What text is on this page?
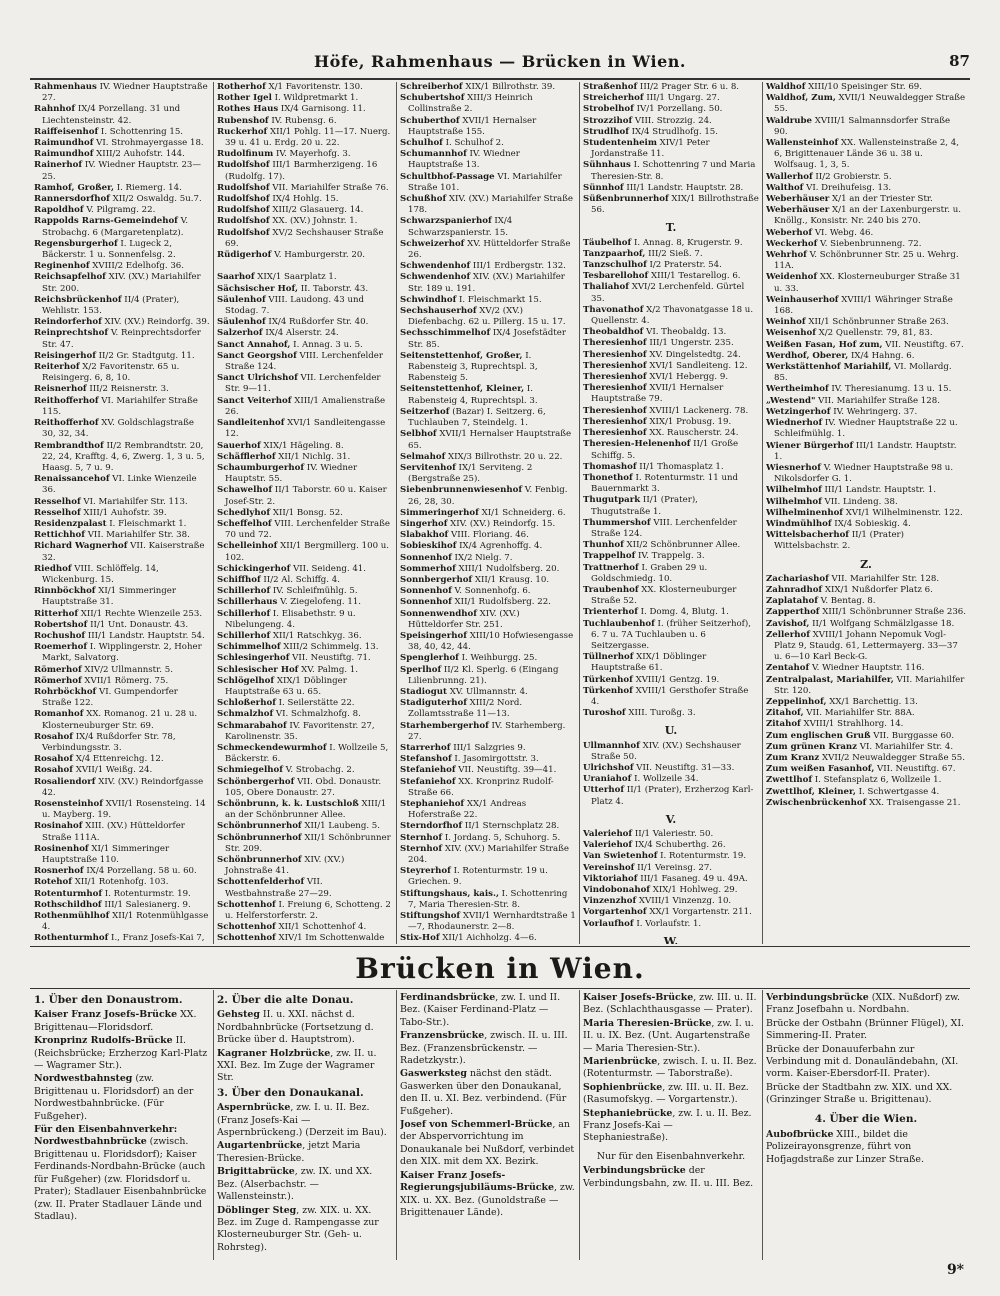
Höfe, Rahmenhaus — Brücken in Wien.	87

Rahmenhaus IV. Wiedner Hauptstraße 27.

Rahnhof IX/4 Porzellang. 31 und Liechtensteinstr. 42.

Raiffeisenhof I. Schottenring 15.

Raimundhof VI. Strohmayergasse 18.

Raimundhof XIII/2 Auhofstr. 144.

Rainerhof IV. Wiedner Hauptstr. 23—25.

Ramhof, Großer, I. Riemerg. 14.

Rannersdorfhof XII/2 Oswaldg. 5u.7.

Rapoldhof V. Pilgramg. 22.

Rappolds Rarns-Gemeindehof V. Strobachg. 6 (Margaretenplatz).

Regensburgerhof I. Lugeck 2, Bäckerstr. 1 u. Sonnenfelsg. 2.

Reginenhof XVIII/2 Edelhofg. 36.

Reichsapfelhof XIV. (XV.) Mariahilfer Str. 200.

Reichsbrückenhof II/4 (Prater), Wehlistr. 153.

Reindorferhof XIV. (XV.) Reindorfg. 39.

Reinprechtshof V. Reinprechtsdorfer Str. 47.

Reisingerhof II/2 Gr. Stadtgutg. 11.

Reiterhof X/2 Favoritenstr. 65 u. Reisingerg. 6, 8, 10.

Reisnerhof III/2 Reisnerstr. 3.

Reithofferhof VI. Mariahilfer Straße 115.

Reithofferhof XV. Goldschlagstraße 30, 32, 34.

Rembrandthof II/2 Rembrandtstr. 20, 22, 24, Krafftg. 4, 6, Zwerg. 1, 3 u. 5, Haasg. 5, 7 u. 9.

Renaissancehof VI. Linke Wienzeile 36.

Resselhof VI. Mariahilfer Str. 113.

Resselhof XIII/1 Auhofstr. 39.

Residenzpalast I. Fleischmarkt 1.

Rettichhof VII. Mariahilfer Str. 38.

Richard Wagnerhof VII. Kaiserstraße 32.

Riedhof VIII. Schlöffelg. 14, Wickenburg. 15.

Rinnböckhof XI/1 Simmeringer Hauptstraße 31.

Ritterhof XII/1 Rechte Wienzeile 253.

Robertshof II/1 Unt. Donaustr. 43.

Rochushof III/1 Landstr. Hauptstr. 54.

Roemerhof I. Wipplingerstr. 2, Hoher Markt, Salvatorg.

Römerhof XIV/2 Ullmannstr. 5.

Römerhof XVII/1 Römerg. 75.

Rohrböckhof VI. Gumpendorfer Straße 122.

Romanhof XX. Romanog. 21 u. 28 u. Klosterneuburger Str. 69.

Rosahof IX/4 Rußdorfer Str. 78, Verbindungsstr. 3.

Rosahof X/4 Ettenreichg. 12.

Rosahof XVII/1 Weißg. 24.

Rosaliendorf XIV. (XV.) Reindorfgasse 42.

Rosensteinhof XVII/1 Rosensteing. 14 u. Mayberg. 19.

Rosinahof XIII. (XV.) Hütteldorfer Straße 111A.

Rosinenhof XI/1 Simmeringer Hauptstraße 110.

Rosnerhof IX/4 Porzellang. 58 u. 60.

Rotehof XII/1 Rotenhofg. 103.

Rotenturmhof I. Rotenturmstr. 19.

Rothschildhof III/1 Salesianerg. 9.

Rothenmühlhof XII/1 Rotenmühlgasse 4.

Rothenturmhof I., Franz Josefs-Kai 7,

Rotherhof X/1 Favoritenstr. 130.

Rother Igel I. Wildpretmarkt 1.

Rothes Haus IX/4 Garnisong. 11.

Rubenshof IV. Rubensg. 6.

Ruckerhof XII/1 Pohlg. 11—17. Nuerg. 39 u. 41 u. Erdg. 20 u. 22.

Rudolfinum IV. Mayerhofg. 3.

Rudolfshof III/1 Barmherzigeng. 16 (Rudolfg. 17).

Rudolfshof VII. Mariahilfer Straße 76.

Rudolfshof IX/4 Hohlg. 15.

Rudolfshof XIII/2 Glasauerg. 14.

Rudolfshof XX. (XV.) Johnstr. 1.

Rudolfshof XV/2 Sechshauser Straße 69.

Rüdigerhof V. Hamburgerstr. 20.

Saarhof XIX/1 Saarplatz 1.

Sächsischer Hof, II. Taborstr. 43.

Säulenhof VIII. Laudong. 43 und Stodag. 7.

Säulenhof IX/4 Rußdorfer Str. 40.

Salzerhof IX/4 Alserstr. 24.

Sanct Annahof, I. Annag. 3 u. 5.

Sanct Georgshof VIII. Lerchenfelder Straße 124.

Sanct Ulrichshof VII. Lerchenfelder Str. 9—11.

Sanct Veiterhof XIII/1 Amalienstraße 26.

Sandleitenhof XVI/1 Sandleitengasse 12.

Sauerhof XIX/1 Hägeling. 8.

Schäfflerhof XII/1 Nichlg. 31.

Schaumburgerhof IV. Wiedner Hauptstr. 55.

Schawelhof II/1 Taborstr. 60 u. Kaiser Josef-Str. 2.

Schedlyhof XII/1 Bonsg. 52.

Scheffelhof VIII. Lerchenfelder Straße 70 und 72.

Schelleinhof XII/1 Bergmillerg. 100 u. 102.

Schickingerhof VII. Seideng. 41.

Schiffhof II/2 Al. Schiffg. 4.

Schillerhof IV. Schleifmühlg. 5.

Schillerhaus V. Ziegelofeng. 11.

Schillerhof I. Elisabethstr. 9 u. Nibelungeng. 4.

Schillerhof XII/1 Ratschkyg. 36.

Schimmelhof XIII/2 Schimmelg. 13.

Schlesingerhof VII. Neustiftg. 71.

Schlesischer Hof XV. Palmg. 1.

Schlögelhof XIX/1 Döblinger Hauptstraße 63 u. 65.

Schloßerhof I. Seilerstätte 22.

Schmalzhof VI. Schmalzhofg. 8.

Schmarabahof IV. Favoritenstr. 27, Karolinenstr. 35.

Schmeckendewurmhof I. Wollzeile 5, Bäckerstr. 6.

Schmiegelhof V. Strobachg. 2.

Schönbergerhof VII. Obd. Donaustr. 105, Obere Donaustr. 27.

Schönbrunn, k. k. Lustschloß XIII/1 an der Schönbrunner Allee.

Schönbrunnerhof XII/1 Laubeng. 5.

Schönbrunnerhof XII/1 Schönbrunner Str. 209.

Schönbrunnerhof XIV. (XV.) Johnstraße 41.

Schottenfelderhof VII. Westbahnstraße 27—29.

Schottenhof I. Freiung 6, Schotteng. 2 u. Helferstorferstr. 2.

Schottenhof XII/1 Schottenhof 4.

Schottenhof XIV/1 Im Schottenwalde

Schreiberhof XIX/1 Billrothstr. 39.

Schubertshof XIII/3 Heinrich Collinstraße 2.

Schuberthof XVII/1 Hernalser Hauptstraße 155.

Schulhof I. Schulhof 2.

Schumannhof IV. Wiedner Hauptstraße 13.

Schultbhof-Passage VI. Mariahilfer Straße 101.

Schußhof XIV. (XV.) Mariahilfer Straße 178.

Schwarzspanierhof IX/4 Schwarzspanierstr. 15.

Schweizerhof XV. Hütteldorfer Straße 26.

Schwendenhof III/1 Erdbergstr. 132.

Schwendenhof XIV. (XV.) Mariahilfer Str. 189 u. 191.

Schwindhof I. Fleischmarkt 15.

Sechshauserhof XV/2 (XV.) Diefenbachg. 62 u. Pillerg. 15 u. 17.

Sechsschimmelhof IX/4 Josefstädter Str. 85.

Seitenstettenhof, Großer, I. Rabensteig 3, Ruprechtspl. 3, Rabensteig 5.

Seitenstettenhof, Kleiner, I. Rabensteig 4, Ruprechtspl. 3.

Seitzerhof (Bazar) I. Seitzerg. 6, Tuchlauben 7, Steindelg. 1.

Selbhof XVII/1 Hernalser Hauptstraße 65.

Selmahof XIX/3 Billrothstr. 20 u. 22.

Servitenhof IX/1 Serviteng. 2 (Bergstraße 25).

Siebenbrunnenwiesenhof V. Fenbig. 26, 28, 30.

Simmeringerhof XI/1 Schneiderg. 6.

Singerhof XIV. (XV.) Reindorfg. 15.

Slabakhof VIII. Floriang. 46.

Sobieskihof IX/4 Agrenhoffg. 4.

Sonnenhof IX/2 Nielg. 7.

Sommerhof XIII/1 Nudolfsberg. 20.

Sonnbergerhof XII/1 Krausg. 10.

Sonnenhof V. Sonnenhofg. 6.

Sonnenhof XII/1 Rudolfsberg. 22.

Sonnenwendhof XIV. (XV.) Hütteldorfer Str. 251.

Speisingerhof XIII/10 Hofwiesengasse 38, 40, 42, 44.

Spenglerhof I. Weihburgg. 25.

Sperlhof II/2 Kl. Sperlg. 6 (Eingang Lilienbrunng. 21).

Stadiogut XV. Ullmannstr. 4.

Stadiguterhof XIII/2 Nord. Zollamtsstraße 11—13.

Starhembergerhof IV. Starhemberg. 27.

Starrerhof III/1 Salzgries 9.

Stefanshof I. Jasomirgottstr. 3.

Stefaniehof VII. Neustiftg. 39—41.

Stefaniehof XX. Kronprinz Rudolf-Straße 66.

Stephaniehof XX/1 Andreas Hoferstraße 22.

Sterndorfhof II/1 Sternschplatz 28.

Sternhof I. Jordang. 5, Schuhorg. 5.

Sternhof XIV. (XV.) Mariahilfer Straße 204.

Steyrerhof I. Rotenturmstr. 19 u. Griechen. 9.

Stiftungshaus, kais., I. Schottenring 7, Maria Theresien-Str. 8.

Stiftungshof XVII/1 Wernhardtstraße 1—7, Rhodaunerstr. 2—8.

Stix-Hof XII/1 Aichholzg. 4—6.

Straßenhof III/2 Prager Str. 6 u. 8.

Streicherhof III/1 Ungarg. 27.

Strobelhof IV/1 Porzellang. 50.

Strozzihof VIII. Strozzig. 24.

Strudlhof IX/4 Strudlhofg. 15.

Studentenheim XIV/1 Peter Jordanstraße 11.

Sühnhaus I. Schottenring 7 und Maria Theresien-Str. 8.

Sünnhof III/1 Landstr. Hauptstr. 28.

Süßenbrunnerhof XIX/1 Billrothstraße 56.

T.

Täubelhof I. Annag. 8, Krugerstr. 9.

Tanzpaarhof, III/2 Sieß. 7.

Tanzschulhof I/2 Praterstr. 54.

Tesbarellohof XIII/1 Testarellog. 6.

Thaliahof XVI/2 Lerchenfeld. Gürtel 35.

Thavonathof X/2 Thavonatgasse 18 u. Quellenstr. 4.

Theobaldhof VI. Theobaldg. 13.

Theresienhof III/1 Ungerstr. 235.

Theresienhof XV. Dingelstedtg. 24.

Theresienhof XVI/1 Sandleiteng. 12.

Theresienhof XVI/1 Hebergg. 9.

Theresienhof XVII/1 Hernalser Hauptstraße 79.

Theresienhof XVIII/1 Lackenerg. 78.

Theresienhof XIX/1 Probusg. 19.

Theresienhof XX. Rauscherstr. 24.

Theresien-Helenenhof II/1 Große Schiffg. 5.

Thomashof II/1 Thomasplatz 1.

Thonethof I. Rotenturmstr. 11 und Bauernmarkt 3.

Thugutpark II/1 (Prater), Thugutstraße 1.

Thummershof VIII. Lerchenfelder Straße 124.

Thunhof XII/2 Schönbrunner Allee.

Trappelhof IV. Trappelg. 3.

Trattnerhof I. Graben 29 u. Goldschmiedg. 10.

Traubenhof XX. Klosterneuburger Straße 52.

Trienterhof I. Domg. 4, Blutg. 1.

Tuchlaubenhof I. (früher Seitzerhof), 6. 7 u. 7A Tuchlauben u. 6 Seitzergasse.

Tüllnerhof XIX/1 Döblinger Hauptstraße 61.

Türkenhof XVIII/1 Gentzg. 19.

Türkenhof XVIII/1 Gersthofer Straße 4.

Turoshof XIII. Turoßg. 3.

U.

Ullmannhof XIV. (XV.) Sechshauser Straße 50.

Ulrichshof VII. Neustiftg. 31—33.

Uraniahof I. Wollzeile 34.

Utterhof II/1 (Prater), Erzherzog Karl-Platz 4.

V.

Valeriehof II/1 Valeriestr. 50.

Valeriehof IX/4 Schuberthg. 26.

Van Swietenhof I. Rotenturmstr. 19.

Vereinshof II/1 Vereinsg. 27.

Viktoriahof III/1 Fasaneg. 49 u. 49A.

Vindobonahof XIX/1 Hohlweg. 29.

Vinzenzhof XVIII/1 Vinzenzg. 10.

Vorgartenhof XX/1 Vorgartenstr. 211.

Vorlaufhof I. Vorlaufstr. 1.

W.

Waldhof XIII/10 Speisinger Str. 69.

Waldhof, Zum, XVII/1 Neuwaldegger Straße 55.

Waldrube XVIII/1 Salmannsdorfer Straße 90.

Wallensteinhof XX. Wallensteinstraße 2, 4, 6, Brigittenauer Lände 36 u. 38 u. Wolfsaug. 1, 3, 5.

Wallerhof II/2 Grobierstr. 5.

Walthof VI. Dreihufeisg. 13.

Weberhäuser X/1 an der Triester Str.

Weberhäuser X/1 an der Laxenburgerstr. u. Knöllg., Konsistr. Nr. 240 bis 270.

Weberhof VI. Webg. 46.

Weckerhof V. Siebenbrunneng. 72.

Wehrhof V. Schönbrunner Str. 25 u. Wehrg. 11A.

Weidenhof XX. Klosterneuburger Straße 31 u. 33.

Weinhauserhof XVIII/1 Währinger Straße 168.

Weinhof XII/1 Schönbrunner Straße 263.

Weisenhof X/2 Quellenstr. 79, 81, 83.

Weißen Fasan, Hof zum, VII. Neustiftg. 67.

Werdhof, Oberer, IX/4 Hahng. 6.

Werkstättenhof Mariahilf, VI. Mollardg. 85.

Wertheimhof IV. Theresianumg. 13 u. 15.

„Westend" VII. Mariahilfer Straße 128.

Wetzingerhof IV. Wehringerg. 37.

Wiednerhof IV. Wiedner Hauptstraße 22 u. Schleifmühlg. 1.

Wiener Bürgerhof III/1 Landstr. Hauptstr. 1.

Wiesnerhof V. Wiedner Hauptstraße 98 u. Nikolsdorfer G. 1.

Wilhelmhof III/1 Landstr. Hauptstr. 1.

Wilhelmhof VII. Lindeng. 38.

Wilhelminenhof XVI/1 Wilhelminenstr. 122.

Windmühlhof IX/4 Sobieskig. 4.

Wittelsbacherhof II/1 (Prater) Wittelsbachstr. 2.

Z.

Zachariashof VII. Mariahilfer Str. 128.

Zahnradhof XIX/1 Nußdorfer Platz 6.

Zaplatahof V. Bentag. 8.

Zapperthof XIII/1 Schönbrunner Straße 236.

Zavishof, II/1 Wolfgang Schmälzlgasse 18.

Zellerhof XVIII/1 Johann Nepomuk Vogl-Platz 9, Staudg. 61, Lettermayerg. 33—37 u. 6—10 Karl Beck-G.

Zentahof V. Wiedner Hauptstr. 116.

Zentralpalast, Mariahilfer, VII. Mariahilfer Str. 120.

Zeppelinhof, XX/1 Barchettig. 13.

Zitahof, VII. Mariahilfer Str. 88A.

Zitahof XVIII/1 Strahlhorg. 14.

Zum englischen Gruß VII. Burggasse 60.

Zum grünen Kranz VI. Mariahilfer Str. 4.

Zum Kranz XVII/2 Neuwaldegger Straße 55.

Zum weißen Fasanhof, VII. Neustiftg. 67.

Zwettlhof I. Stefansplatz 6, Wollzeile 1.

Zwettlhof, Kleiner, I. Schwertgasse 4.

Zwischenbrückenhof XX. Traisengasse 21.

Brücken in Wien.
1. Über den Donaustrom.
Kaiser Franz Josefs-Brücke XX. Brigittenau—Floridsdorf.
Kronprinz Rudolfs-Brücke II. (Reichsbrücke; Erzherzog Karl-Platz — Wagramer Str.).
Nordwestbahnsteg (zw. Brigittenau u. Floridsdorf) an der Nordwestbahnbrücke. (Für Fußgeher).
Für den Eisenbahnverkehr: Nordwestbahnbrücke (zwisch. Brigittenau u. Floridsdorf); Kaiser Ferdinands-Nordbahn-Brücke (auch für Fußgeher) (zw. Floridsdorf u. Prater); Stadlauer Eisenbahnbrücke (zw. II. Prater Stadlauer Lände und Stadlau).
2. Über die alte Donau.
Gehsteg II. u. XXI. nächst d. Nordbahnbrücke (Fortsetzung d. Brücke über d. Hauptstrom).
Kagraner Holzbrücke, zw. II. u. XXI. Bez. Im Zuge der Wagramer Str.
3. Über den Donaukanal.
Aspernbrücke, zw. I. u. II. Bez. (Franz Josefs-Kai — Aspernbrückeng.) (Derzeit im Bau).
Augartenbrücke, jetzt Maria Theresien-Brücke.
Brigittabrücke, zw. IX. und XX. Bez. (Alserbachstr. — Wallensteinstr.).
Döblinger Steg, zw. XIX. u. XX. Bez. im Zuge d. Rampengasse zur Klosterneuburger Str. (Geh- u. Rohrsteg).
Ferdinandsbrücke, zw. I. und II. Bez. (Kaiser Ferdinand-Platz — Tabo-Str.).
Franzensbrücke, zwisch. II. u. III. Bez. (Franzensbrückenstr. — Radetzkystr.).
Gaswerksteg nächst den städt. Gaswerken über den Donaukanal, den II. u. XI. Bez. verbindend. (Für Fußgeher).
Josef von Schemmerl-Brücke, an der Abspervorrichtung im Donaukanale bei Nußdorf, verbindet den XIX. mit dem XX. Bezirk.
Kaiser Franz Josefs-Regierungsjubiläums-Brücke, zw. XIX. u. XX. Bez. (Gunoldstraße — Brigittenauer Lände).
Kaiser Josefs-Brücke, zw. III. u. II. Bez. (Schlachthausgasse — Prater).
Maria Theresien-Brücke, zw. I. u. II. u. IX. Bez. (Unt. Augartenstraße — Maria Theresien-Str.).
Marienbrücke, zwisch. I. u. II. Bez. (Rotenturmstr. — Taborstraße).
Sophienbrücke, zw. III. u. II. Bez. (Rasumofskyg. — Vorgartenstr.).
Stephaniebrücke, zw. I. u. II. Bez. Franz Josefs-Kai — Stephaniestraße).
Nur für den Eisenbahnverkehr.
Verbindungsbrücke der Verbindungsbahn, zw. II. u. III. Bez.
Verbindungsbrücke (XIX. Nußdorf) zw. Franz Josefbahn u. Nordbahn.
Brücke der Ostbahn (Brünner Flügel), XI. Simmering-II. Prater.
Brücke der Donauuferbahn zur Verbindung mit d. Donauländebahn, (XI. vorm. Kaiser-Ebersdorf-II. Prater).
Brücke der Stadtbahn zw. XIX. und XX. (Grinzinger Straße u. Brigittenau).
4. Über die Wien.
Aubofbrücke XIII., bildet die Polizeirayonsgrenze, führt von Hofjagdstraße zur Linzer Straße.
9*
